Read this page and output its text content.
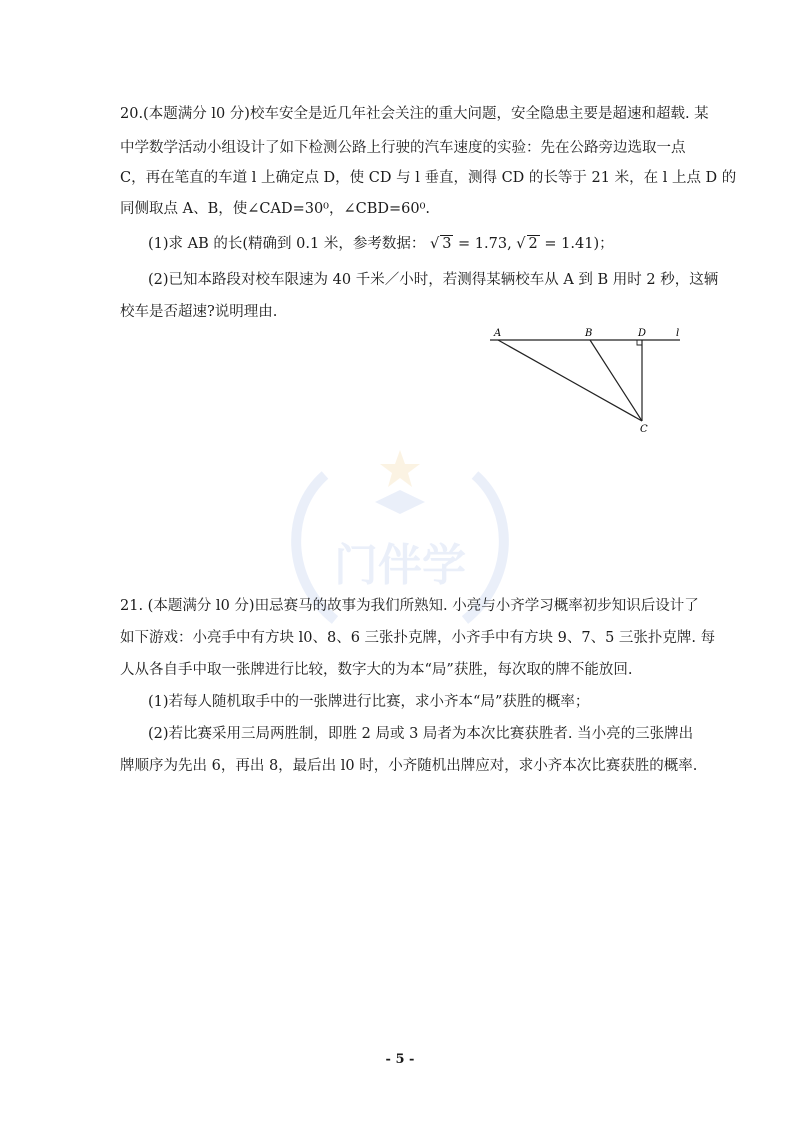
20.(本题满分 l0 分)校车安全是近几年社会关注的重大问题，安全隐患主要是超速和超载. 某
中学数学活动小组设计了如下检测公路上行驶的汽车速度的实验：先在公路旁边选取一点
C，再在笔直的车道 l 上确定点 D，使 CD 与 l 垂直，测得 CD 的长等于 21 米，在 l 上点 D 的
同侧取点 A、B，使∠CAD=30⁰，∠CBD=60⁰.
(1)求 AB 的长(精确到 0.1 米，参考数据： √ 3 = 1.73, √ 2 = 1.41)；
(2)已知本路段对校车限速为 40 千米／小时，若测得某辆校车从 A 到 B 用时 2 秒，这辆
校车是否超速?说明理由.
A	B	D	l
C
门伴学
21. (本题满分 l0 分)田忌赛马的故事为我们所熟知. 小亮与小齐学习概率初步知识后设计了
如下游戏：小亮手中有方块 l0、8、6 三张扑克牌，小齐手中有方块 9、7、5 三张扑克牌. 每
人从各自手中取一张牌进行比较，数字大的为本“局”获胜，每次取的牌不能放回.
(1)若每人随机取手中的一张牌进行比赛，求小齐本“局”获胜的概率；
(2)若比赛采用三局两胜制，即胜 2 局或 3 局者为本次比赛获胜者. 当小亮的三张牌出
牌顺序为先出 6，再出 8，最后出 l0 时，小齐随机出牌应对，求小齐本次比赛获胜的概率.
- 5 -
